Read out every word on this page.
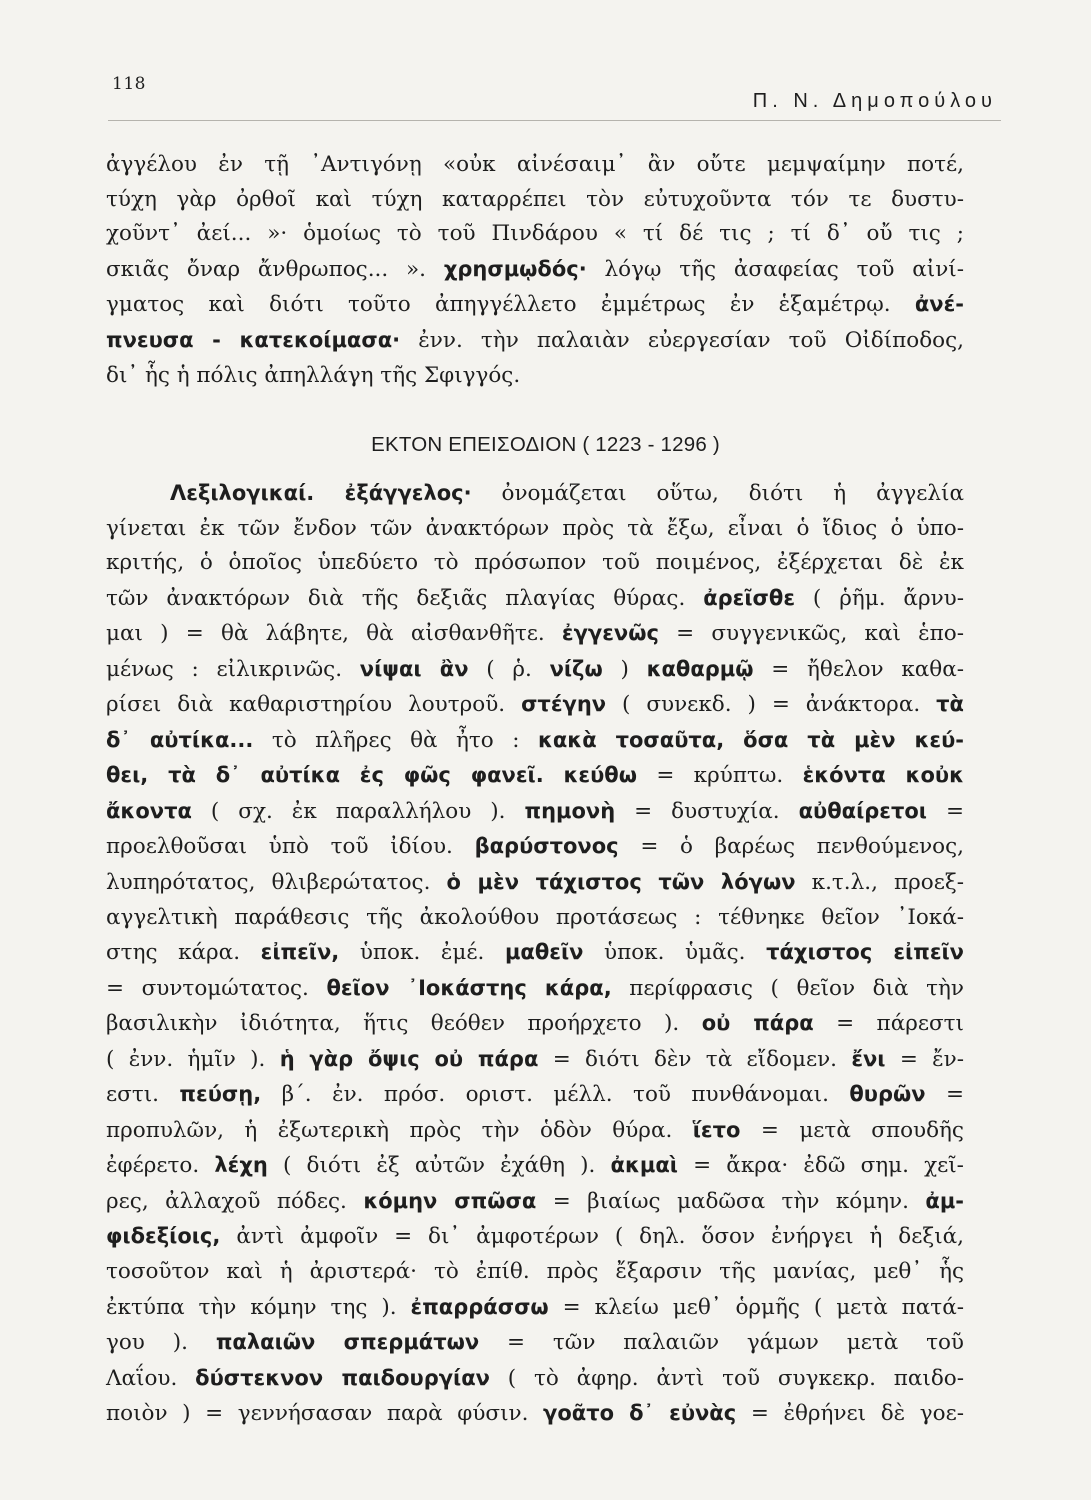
118
Π. Ν. Δημοπούλου
ἀγγέλου ἐν τῇ ᾿Αντιγόνῃ «οὐκ αἰνέσαιμ᾿ ἂν οὔτε μεμψαίμην ποτέ,
τύχη γὰρ ὀρθοῖ καὶ τύχη καταρρέπει τὸν εὐτυχοῦντα τόν τε δυστυ-
χοῦντ᾿ ἀεί... »· ὁμοίως τὸ τοῦ Πινδάρου « τί δέ τις ; τί δ᾿ οὔ τις ;
σκιᾶς ὄναρ ἄνθρωπος... ». χρησμῳδός· λόγῳ τῆς ἀσαφείας τοῦ αἰνί-
γματος καὶ διότι τοῦτο ἀπηγγέλλετο ἐμμέτρως ἐν ἑξαμέτρῳ. ἀνέ-
πνευσα - κατεκοίμασα· ἐνν. τὴν παλαιὰν εὐεργεσίαν τοῦ Οἰδίποδος,
δι᾿ ἧς ἡ πόλις ἀπηλλάγη τῆς Σφιγγός.
ΕΚΤΟΝ ΕΠΕΙΣΟΔΙΟΝ ( 1223 - 1296 )
Λεξιλογικαί. ἐξάγγελος· ὀνομάζεται οὕτω, διότι ἡ ἀγγελία
γίνεται ἐκ τῶν ἔνδον τῶν ἀνακτόρων πρὸς τὰ ἔξω, εἶναι ὁ ἴδιος ὁ ὑπο-
κριτής, ὁ ὁποῖος ὑπεδύετο τὸ πρόσωπον τοῦ ποιμένος, ἐξέρχεται δὲ ἐκ
τῶν ἀνακτόρων διὰ τῆς δεξιᾶς πλαγίας θύρας. ἀρεῖσθε ( ῥῆμ. ἄρνυ-
μαι ) = θὰ λάβητε, θὰ αἰσθανθῆτε. ἐγγενῶς = συγγενικῶς, καὶ ἑπο-
μένως : εἰλικρινῶς. νίψαι ἂν ( ῥ. νίζω ) καθαρμῷ = ἤθελον καθα-
ρίσει διὰ καθαριστηρίου λουτροῦ. στέγην ( συνεκδ. ) = ἀνάκτορα. τὰ
δ᾿ αὐτίκα... τὸ πλῆρες θὰ ἦτο : κακὰ τοσαῦτα, ὅσα τὰ μὲν κεύ-
θει, τὰ δ᾿ αὐτίκα ἐς φῶς φανεῖ. κεύθω = κρύπτω. ἑκόντα κοὐκ
ἄκοντα ( σχ. ἐκ παραλλήλου ). πημονὴ = δυστυχία. αὐθαίρετοι =
προελθοῦσαι ὑπὸ τοῦ ἰδίου. βαρύστονος = ὁ βαρέως πενθούμενος,
λυπηρότατος, θλιβερώτατος. ὁ μὲν τάχιστος τῶν λόγων κ.τ.λ., προεξ-
αγγελτικὴ παράθεσις τῆς ἀκολούθου προτάσεως : τέθνηκε θεῖον ᾿Ιοκά-
στης κάρα. εἰπεῖν, ὑποκ. ἐμέ. μαθεῖν ὑποκ. ὑμᾶς. τάχιστος εἰπεῖν
= συντομώτατος. θεῖον ᾿Ιοκάστης κάρα, περίφρασις ( θεῖον διὰ τὴν
βασιλικὴν ἰδιότητα, ἥτις θεόθεν προήρχετο ). οὐ πάρα = πάρεστι
( ἐνν. ἡμῖν ). ἡ γὰρ ὄψις οὐ πάρα = διότι δὲν τὰ εἴδομεν. ἔνι = ἔν-
εστι. πεύσῃ, β´. ἐν. πρόσ. οριστ. μέλλ. τοῦ πυνθάνομαι. θυρῶν =
προπυλῶν, ἡ ἐξωτερικὴ πρὸς τὴν ὁδὸν θύρα. ἵετο = μετὰ σπουδῆς
ἐφέρετο. λέχη ( διότι ἐξ αὐτῶν ἐχάθη ). ἀκμαὶ = ἄκρα· ἐδῶ σημ. χεῖ-
ρες, ἀλλαχοῦ πόδες. κόμην σπῶσα = βιαίως μαδῶσα τὴν κόμην. ἀμ-
φιδεξίοις, ἀντὶ ἀμφοῖν = δι᾿ ἀμφοτέρων ( δηλ. ὅσον ἐνήργει ἡ δεξιά,
τοσοῦτον καὶ ἡ ἀριστερά· τὸ ἐπίθ. πρὸς ἔξαρσιν τῆς μανίας, μεθ᾿ ἧς
ἐκτύπα τὴν κόμην της ). ἐπαρράσσω = κλείω μεθ᾿ ὁρμῆς ( μετὰ πατά-
γου ). παλαιῶν σπερμάτων = τῶν παλαιῶν γάμων μετὰ τοῦ
Λαΐου. δύστεκνον παιδουργίαν ( τὸ ἀφηρ. ἀντὶ τοῦ συγκεκρ. παιδο-
ποιὸν ) = γεννήσασαν παρὰ φύσιν. γοᾶτο δ᾿ εὐνὰς = ἐθρήνει δὲ γοε-
